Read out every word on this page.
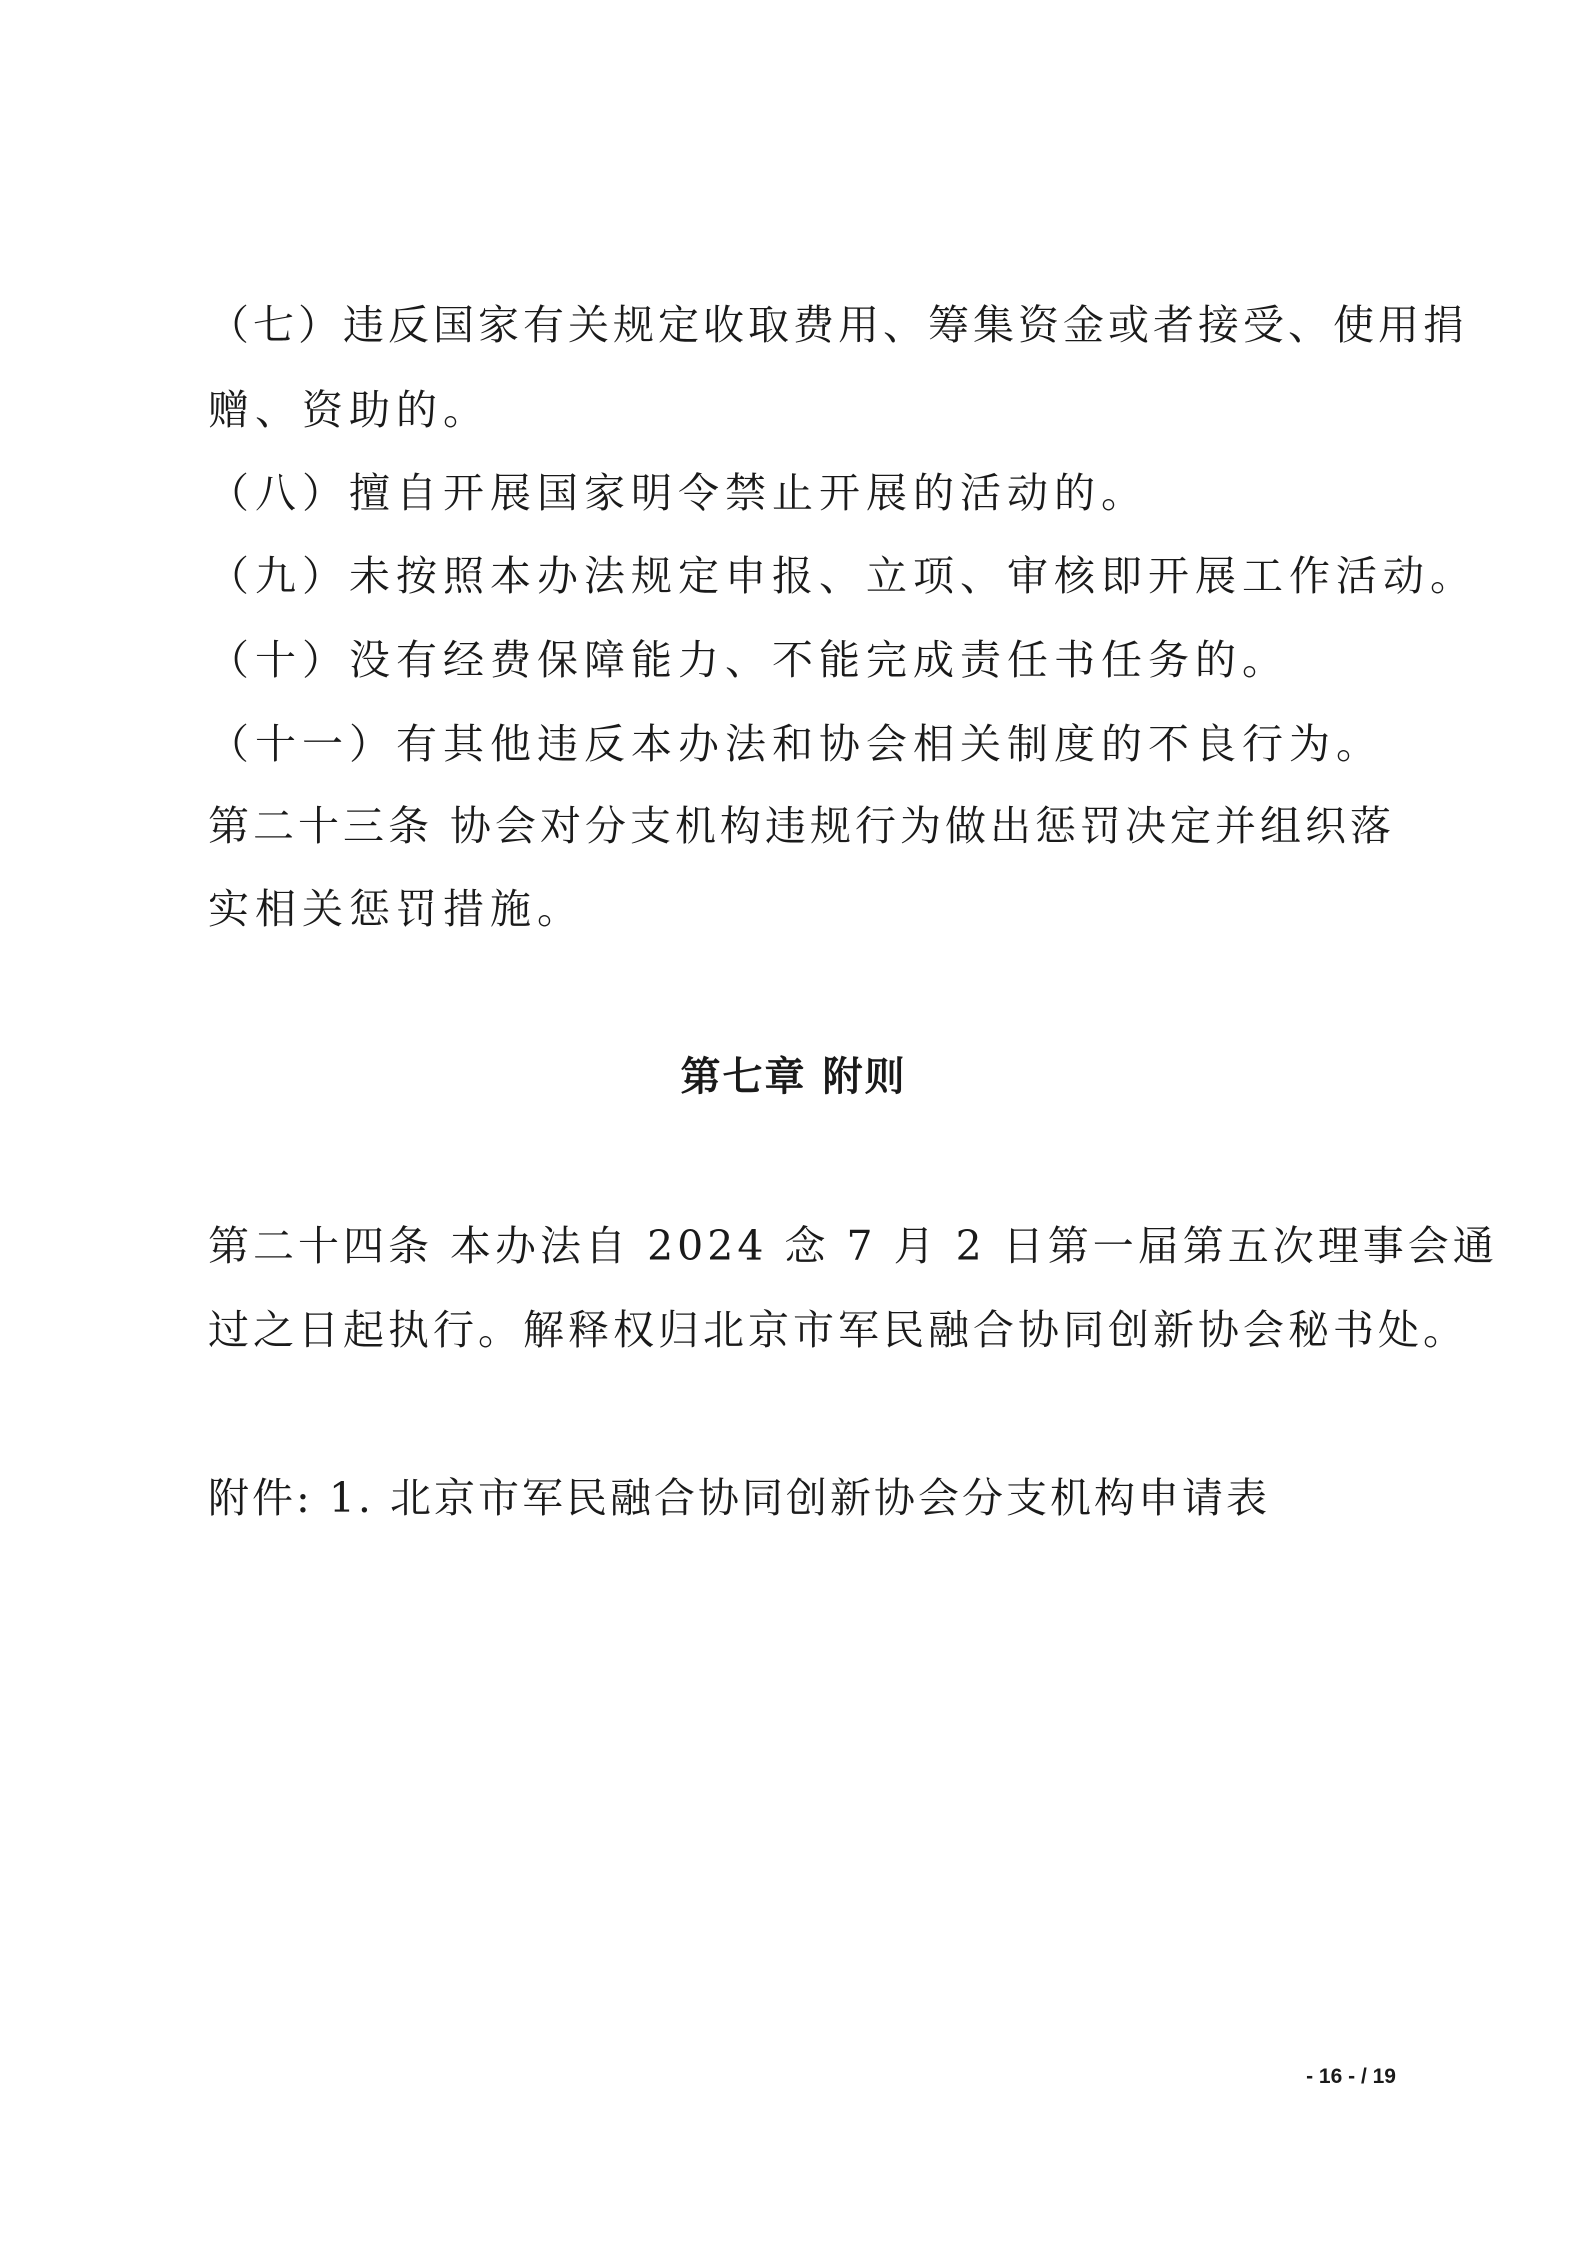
（七）违反国家有关规定收取费用、筹集资金或者接受、使用捐
赠、资助的。
（八）擅自开展国家明令禁止开展的活动的。
（九）未按照本办法规定申报、立项、审核即开展工作活动。
（十）没有经费保障能力、不能完成责任书任务的。
（十一）有其他违反本办法和协会相关制度的不良行为。
第二十三条 协会对分支机构违规行为做出惩罚决定并组织落
实相关惩罚措施。
第七章 附则
第二十四条 本办法自 2024 念 7 月 2 日第一届第五次理事会通
过之日起执行。解释权归北京市军民融合协同创新协会秘书处。
附件: 1. 北京市军民融合协同创新协会分支机构申请表
- 16 - / 19
